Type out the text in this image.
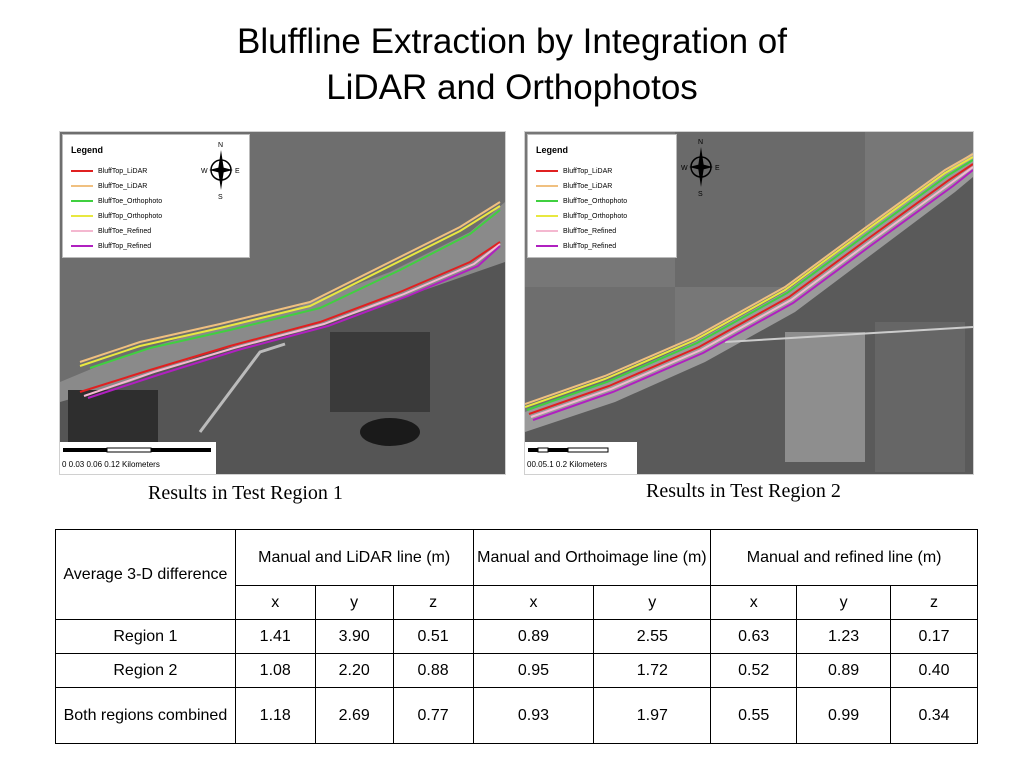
Bluffline Extraction by Integration of
LiDAR and Orthophotos
Legend
BluffTop_LiDAR
BluffToe_LiDAR
BluffToe_Orthophoto
BluffTop_Orthophoto
BluffToe_Refined
BluffTop_Refined
N
W	E
S
0 0.03 0.06 0.12 Kilometers
Legend
BluffTop_LiDAR
BluffToe_LiDAR
BluffToe_Orthophoto
BluffTop_Orthophoto
BluffToe_Refined
BluffTop_Refined
N
W	E
S
00.05.1 0.2 Kilometers
Results in Test Region 1	Results in Test Region 2
Average 3-D difference	Manual and LiDAR line (m)			Manual and Orthoimage line (m)		Manual and refined line (m)		
	x	y	z	x	y	x	y	z
Region 1	1.41	3.90	0.51	0.89	2.55	0.63	1.23	0.17
Region 2	1.08	2.20	0.88	0.95	1.72	0.52	0.89	0.40
Both regions combined	1.18	2.69	0.77	0.93	1.97	0.55	0.99	0.34
